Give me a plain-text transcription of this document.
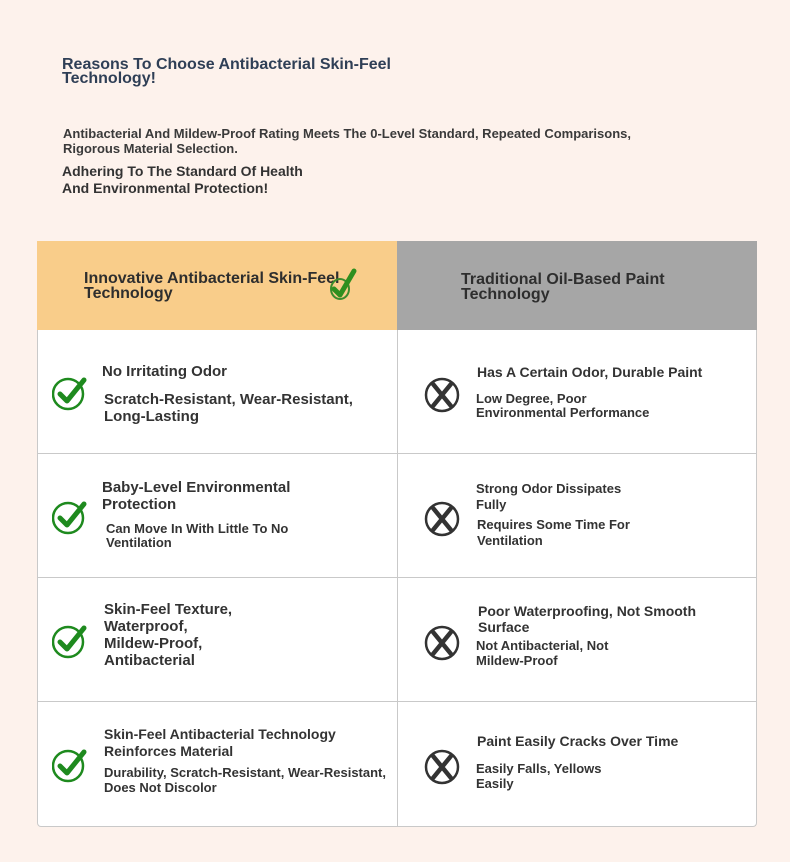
Reasons To Choose Antibacterial Skin-Feel Technology!
Antibacterial And Mildew-Proof Rating Meets The 0-Level Standard, Repeated Comparisons, Rigorous Material Selection.
Adhering To The Standard Of Health And Environmental Protection!
Innovative Antibacterial Skin-Feel Technology
Traditional Oil-Based Paint Technology
No Irritating Odor
Scratch-Resistant, Wear-Resistant, Long-Lasting
Has A Certain Odor, Durable Paint
Low Degree, Poor Environmental Performance
Baby-Level Environmental Protection
Can Move In With Little To No Ventilation
Strong Odor Dissipates Fully
Requires Some Time For Ventilation
Skin-Feel Texture, Waterproof, Mildew-Proof, Antibacterial
Poor Waterproofing, Not Smooth Surface
Not Antibacterial, Not Mildew-Proof
Skin-Feel Antibacterial Technology Reinforces Material
Durability, Scratch-Resistant, Wear-Resistant, Does Not Discolor
Paint Easily Cracks Over Time
Easily Falls, Yellows Easily
